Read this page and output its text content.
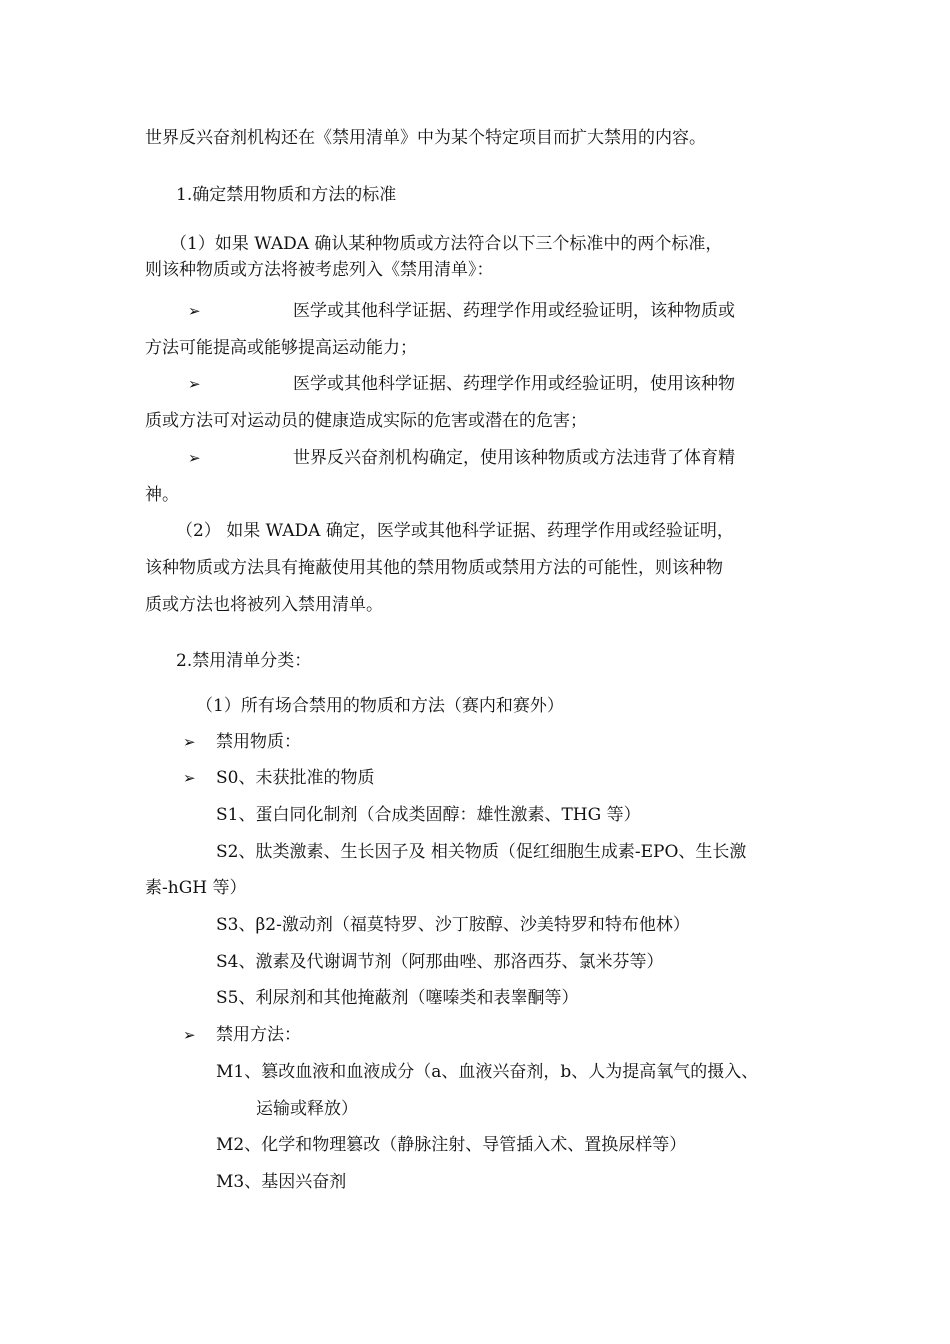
世界反兴奋剂机构还在《禁用清单》中为某个特定项目而扩大禁用的内容。
1.确定禁用物质和方法的标准
（1）如果 WADA 确认某种物质或方法符合以下三个标准中的两个标准，
则该种物质或方法将被考虑列入《禁用清单》：
➢	医学或其他科学证据、药理学作用或经验证明，该种物质或
方法可能提高或能够提高运动能力；
➢	医学或其他科学证据、药理学作用或经验证明，使用该种物
质或方法可对运动员的健康造成实际的危害或潜在的危害；
➢	世界反兴奋剂机构确定，使用该种物质或方法违背了体育精
神。
（2） 如果 WADA 确定，医学或其他科学证据、药理学作用或经验证明，
该种物质或方法具有掩蔽使用其他的禁用物质或禁用方法的可能性，则该种物
质或方法也将被列入禁用清单。
2.禁用清单分类：
（1）所有场合禁用的物质和方法（赛内和赛外）
➢ 禁用物质：
➢ S0、未获批准的物质
S1、蛋白同化制剂（合成类固醇：雄性激素、THG 等）
S2、肽类激素、生长因子及 相关物质（促红细胞生成素-EPO、生长激
素-hGH 等）
S3、β2-激动剂（福莫特罗、沙丁胺醇、沙美特罗和特布他林）
S4、激素及代谢调节剂（阿那曲唑、那洛西芬、氯米芬等）
S5、利尿剂和其他掩蔽剂（噻嗪类和表睾酮等）
➢ 禁用方法：
M1、篡改血液和血液成分（a、血液兴奋剂，b、人为提高氧气的摄入、
运输或释放）
M2、化学和物理篡改（静脉注射、导管插入术、置换尿样等）
M3、基因兴奋剂
